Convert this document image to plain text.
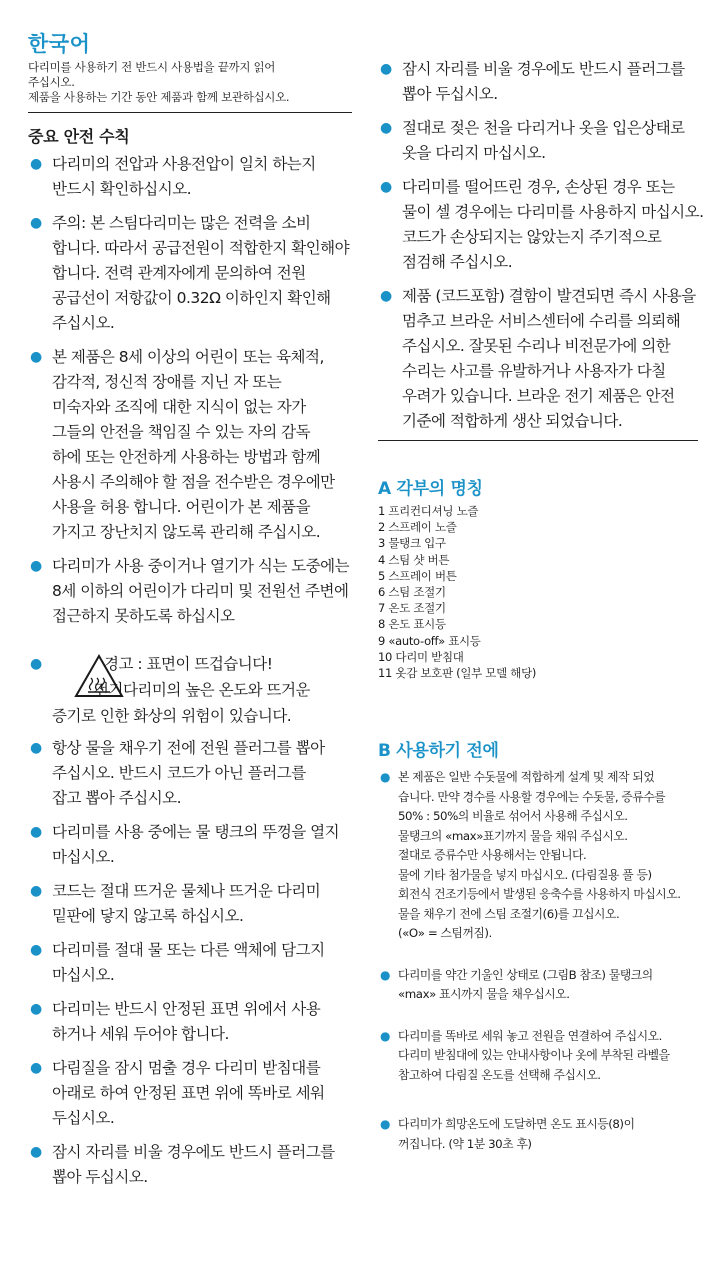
한국어
다리미를 사용하기 전 반드시 사용법을 끝까지 읽어
주십시오.
제품을 사용하는 기간 동안 제품과 함께 보관하십시오.
중요 안전 수칙
● 다리미의 전압과 사용전압이 일치 하는지
반드시 확인하십시오.
● 주의: 본 스팀다리미는 많은 전력을 소비
합니다. 따라서 공급전원이 적합한지 확인해야
합니다. 전력 관계자에게 문의하여 전원
공급선이 저항값이 0.32Ω 이하인지 확인해
주십시오.
● 본 제품은 8세 이상의 어린이 또는 육체적,
감각적, 정신적 장애를 지닌 자 또는
미숙자와 조직에 대한 지식이 없는 자가
그들의 안전을 책임질 수 있는 자의 감독
하에 또는 안전하게 사용하는 방법과 함께
사용시 주의해야 할 점을 전수받은 경우에만
사용을 허용 합니다. 어린이가 본 제품을
가지고 장난치지 않도록 관리해 주십시오.
● 다리미가 사용 중이거나 열기가 식는 도중에는
8세 이하의 어린이가 다리미 및 전원선 주변에
접근하지 못하도록 하십시오
●	경고 : 표면이 뜨겁습니다!
전기다리미의 높은 온도와 뜨거운
증기로 인한 화상의 위험이 있습니다.
● 항상 물을 채우기 전에 전원 플러그를 뽑아
주십시오. 반드시 코드가 아닌 플러그를
잡고 뽑아 주십시오.
● 다리미를 사용 중에는 물 탱크의 뚜껑을 열지
마십시오.
● 코드는 절대 뜨거운 물체나 뜨거운 다리미
밑판에 닿지 않고록 하십시오.
● 다리미를 절대 물 또는 다른 액체에 담그지
마십시오.
● 다리미는 반드시 안정된 표면 위에서 사용
하거나 세워 두어야 합니다.
● 다림질을 잠시 멈출 경우 다리미 받침대를
아래로 하여 안정된 표면 위에 똑바로 세워
두십시오.
● 잠시 자리를 비울 경우에도 반드시 플러그를
뽑아 두십시오.
● 잠시 자리를 비울 경우에도 반드시 플러그를
뽑아 두십시오.
● 절대로 젖은 천을 다리거나 옷을 입은상태로
옷을 다리지 마십시오.
● 다리미를 떨어뜨린 경우, 손상된 경우 또는
물이 셀 경우에는 다리미를 사용하지 마십시오.
코드가 손상되지는 않았는지 주기적으로
점검해 주십시오.
● 제품 (코드포함) 결함이 발견되면 즉시 사용을
멈추고 브라운 서비스센터에 수리를 의뢰해
주십시오. 잘못된 수리나 비전문가에 의한
수리는 사고를 유발하거나 사용자가 다칠
우려가 있습니다. 브라운 전기 제품은 안전
기준에 적합하게 생산 되었습니다.
A 각부의 명칭
1 프리컨디셔닝 노즐
2 스프레이 노즐
3 물탱크 입구
4 스팀 샷 버튼
5 스프레이 버튼
6 스팀 조절기
7 온도 조절기
8 온도 표시등
9 «auto-off» 표시등
10 다리미 받침대
11 옷감 보호판 (일부 모델 해당)
B 사용하기 전에
● 본 제품은 일반 수돗물에 적합하게 설계 및 제작 되었
습니다. 만약 경수를 사용할 경우에는 수돗물, 증류수를
50% : 50%의 비율로 섞어서 사용해 주십시오.
물탱크의 «max»표기까지 물을 채워 주십시오.
절대로 증류수만 사용해서는 안됩니다.
물에 기타 첨가물을 넣지 마십시오. (다림질용 풀 등)
회전식 건조기등에서 발생된 응축수를 사용하지 마십시오.
물을 채우기 전에 스팀 조절기(6)를 끄십시오.
(«O» = 스팀꺼짐).
● 다리미를 약간 기울인 상태로 (그림B 참조) 물탱크의
«max» 표시까지 물을 채우십시오.
● 다리미를 똑바로 세워 놓고 전원을 연결하여 주십시오.
다리미 받침대에 있는 안내사항이나 옷에 부착된 라벨을
참고하여 다림질 온도를 선택해 주십시오.
● 다리미가 희망온도에 도달하면 온도 표시등(8)이
꺼집니다. (약 1분 30초 후)
